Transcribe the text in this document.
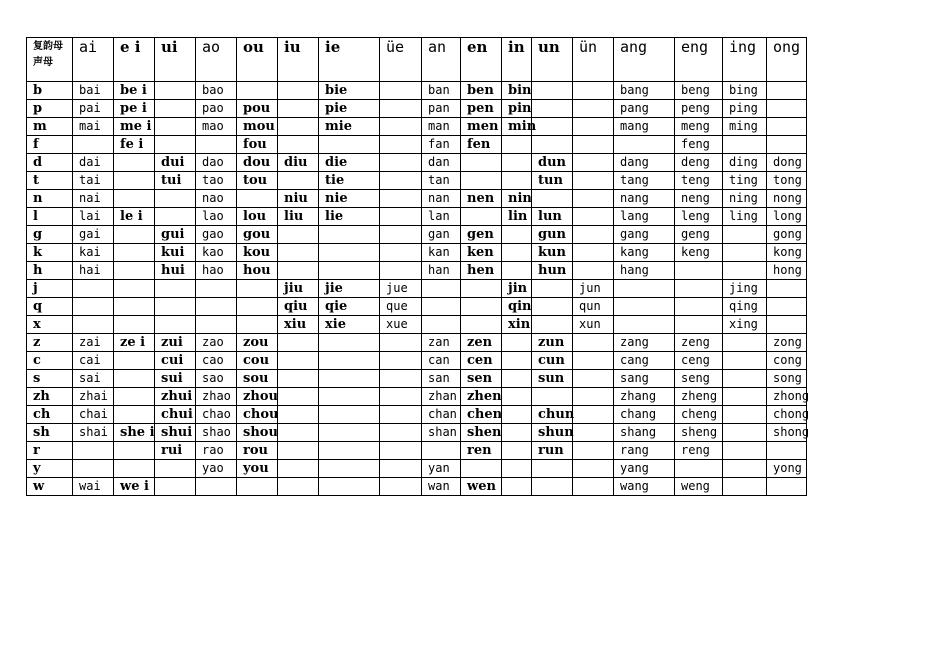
复韵母
声母	ai	e i	ui	ao	ou	iu	ie	üe	an	en	in	un	ün	ang	eng	ing	ong
b	bai	be i		bao			bie		ban	ben	bin			bang	beng	bing	
p	pai	pe i		pao	pou		pie		pan	pen	pin			pang	peng	ping	
m	mai	me i		mao	mou		mie		man	men	min			mang	meng	ming	
f		fe i			fou				fan	fen					feng		
d	dai		dui	dao	dou	diu	die		dan			dun		dang	deng	ding	dong
t	tai		tui	tao	tou		tie		tan			tun		tang	teng	ting	tong
n	nai			nao		niu	nie		nan	nen	nin			nang	neng	ning	nong
l	lai	le i		lao	lou	liu	lie		lan		lin	lun		lang	leng	ling	long
g	gai		gui	gao	gou				gan	gen		gun		gang	geng		gong
k	kai		kui	kao	kou				kan	ken		kun		kang	keng		kong
h	hai		hui	hao	hou				han	hen		hun		hang			hong
j						jiu	jie	jue			jin		jun			jing	
q						qiu	qie	que			qin		qun			qing	
x						xiu	xie	xue			xin		xun			xing	
z	zai	ze i	zui	zao	zou				zan	zen		zun		zang	zeng		zong
c	cai		cui	cao	cou				can	cen		cun		cang	ceng		cong
s	sai		sui	sao	sou				san	sen		sun		sang	seng		song
zh	zhai		zhui	zhao	zhou				zhan	zhen				zhang	zheng		zhong
ch	chai		chui	chao	chou				chan	chen		chun		chang	cheng		chong
sh	shai	she i	shui	shao	shou				shan	shen		shun		shang	sheng		shong
r			rui	rao	rou					ren		run		rang	reng		
y				yao	you				yan					yang			yong
w	wai	we i							wan	wen				wang	weng		
